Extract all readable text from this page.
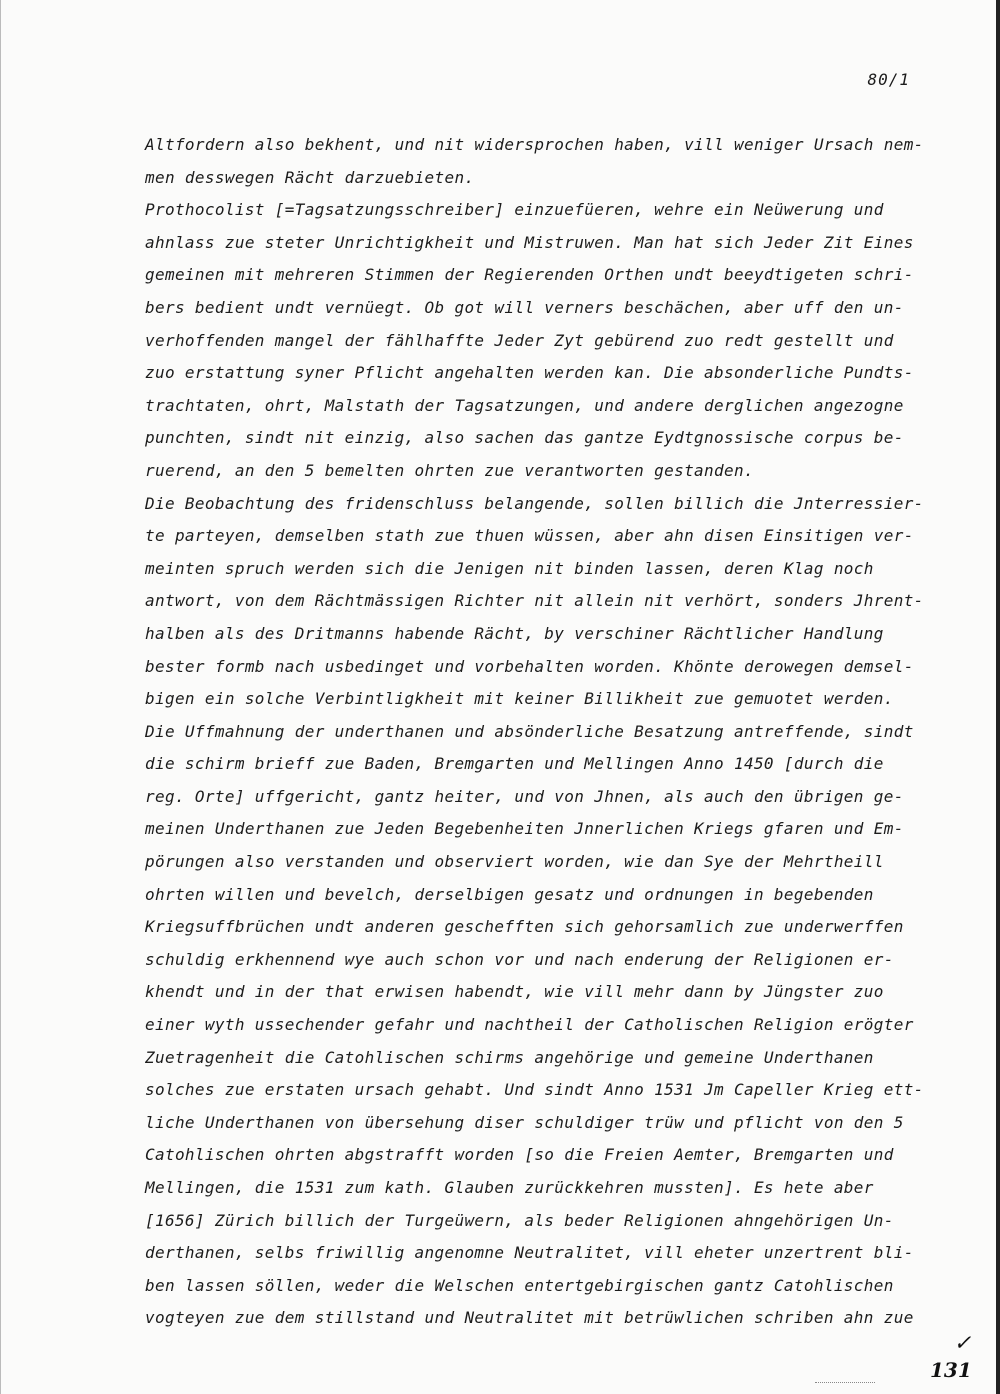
80/1
Altfordern also bekhent, und nit widersprochen haben, vill weniger Ursach nem-
men desswegen Rächt darzuebieten.
Prothocolist [=Tagsatzungsschreiber] einzuefüeren, wehre ein Neüwerung und
ahnlass zue steter Unrichtigkheit und Mistruwen. Man hat sich Jeder Zit Eines
gemeinen mit mehreren Stimmen der Regierenden Orthen undt beeydtigeten schri-
bers bedient undt vernüegt. Ob got will verners beschächen, aber uff den un-
verhoffenden mangel der fählhaffte Jeder Zyt gebürend zuo redt gestellt und
zuo erstattung syner Pflicht angehalten werden kan. Die absonderliche Pundts-
trachtaten, ohrt, Malstath der Tagsatzungen, und andere derglichen angezogne
punchten, sindt nit einzig, also sachen das gantze Eydtgnossische corpus be-
ruerend, an den 5 bemelten ohrten zue verantworten gestanden.
Die Beobachtung des fridenschluss belangende, sollen billich die Jnterressier-
te parteyen, demselben stath zue thuen wüssen, aber ahn disen Einsitigen ver-
meinten spruch werden sich die Jenigen nit binden lassen, deren Klag noch
antwort, von dem Rächtmässigen Richter nit allein nit verhört, sonders Jhrent-
halben als des Dritmanns habende Rächt, by verschiner Rächtlicher Handlung
bester formb nach usbedinget und vorbehalten worden. Khönte derowegen demsel-
bigen ein solche Verbintligkheit mit keiner Billikheit zue gemuotet werden.
Die Uffmahnung der underthanen und absönderliche Besatzung antreffende, sindt
die schirm brieff zue Baden, Bremgarten und Mellingen Anno 1450 [durch die
reg. Orte] uffgericht, gantz heiter, und von Jhnen, als auch den übrigen ge-
meinen Underthanen zue Jeden Begebenheiten Jnnerlichen Kriegs gfaren und Em-
pörungen also verstanden und observiert worden, wie dan Sye der Mehrtheill
ohrten willen und bevelch, derselbigen gesatz und ordnungen in begebenden
Kriegsuffbrüchen undt anderen geschefften sich gehorsamlich zue underwerffen
schuldig erkhennend wye auch schon vor und nach enderung der Religionen er-
khendt und in der that erwisen habendt, wie vill mehr dann by Jüngster zuo
einer wyth ussechender gefahr und nachtheil der Catholischen Religion erögter
Zuetragenheit die Catohlischen schirms angehörige und gemeine Underthanen
solches zue erstaten ursach gehabt. Und sindt Anno 1531 Jm Capeller Krieg ett-
liche Underthanen von übersehung diser schuldiger trüw und pflicht von den 5
Catohlischen ohrten abgstrafft worden [so die Freien Aemter, Bremgarten und
Mellingen, die 1531 zum kath. Glauben zurückkehren mussten]. Es hete aber
[1656] Zürich billich der Turgeüwern, als beder Religionen ahngehörigen Un-
derthanen, selbs friwillig angenomne Neutralitet, vill eheter unzertrent bli-
ben lassen söllen, weder die Welschen entertgebirgischen gantz Catohlischen
vogteyen zue dem stillstand und Neutralitet mit betrüwlichen schriben ahn zue
✓
131
